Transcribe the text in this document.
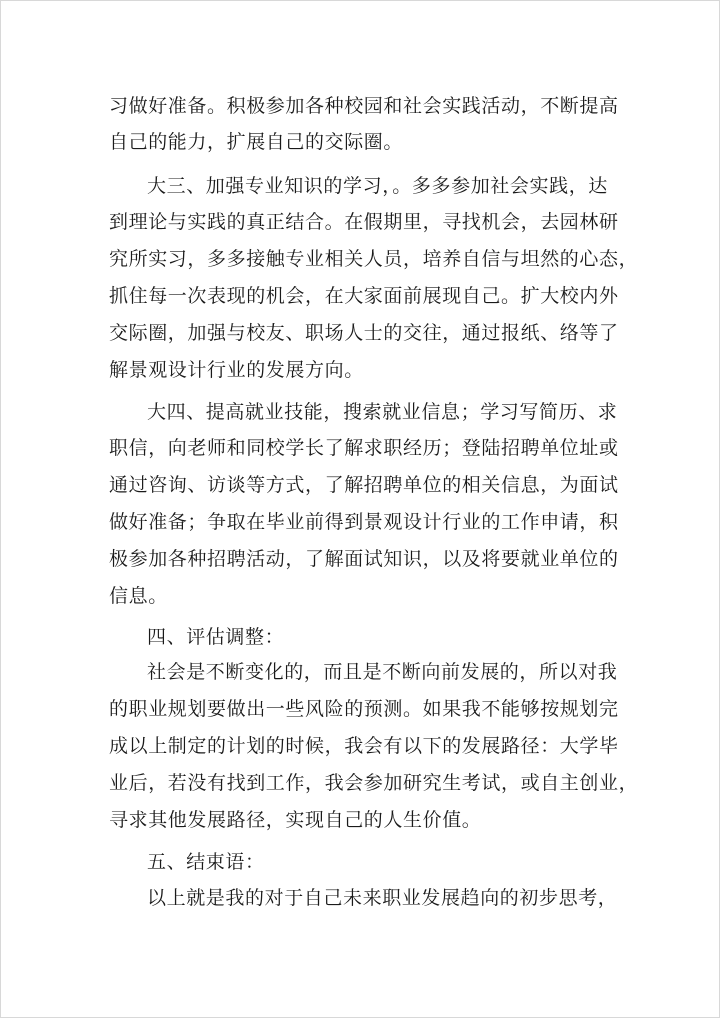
习做好准备。积极参加各种校园和社会实践活动，不断提高
自己的能力，扩展自己的交际圈。
大三、加强专业知识的学习，。多多参加社会实践，达
到理论与实践的真正结合。在假期里，寻找机会，去园林研
究所实习，多多接触专业相关人员，培养自信与坦然的心态，
抓住每一次表现的机会，在大家面前展现自己。扩大校内外
交际圈，加强与校友、职场人士的交往，通过报纸、络等了
解景观设计行业的发展方向。
大四、提高就业技能，搜索就业信息；学习写简历、求
职信，向老师和同校学长了解求职经历；登陆招聘单位址或
通过咨询、访谈等方式，了解招聘单位的相关信息，为面试
做好准备；争取在毕业前得到景观设计行业的工作申请，积
极参加各种招聘活动，了解面试知识，以及将要就业单位的
信息。
四、评估调整：
社会是不断变化的，而且是不断向前发展的，所以对我
的职业规划要做出一些风险的预测。如果我不能够按规划完
成以上制定的计划的时候，我会有以下的发展路径：大学毕
业后，若没有找到工作，我会参加研究生考试，或自主创业，
寻求其他发展路径，实现自己的人生价值。
五、结束语：
以上就是我的对于自己未来职业发展趋向的初步思考，
